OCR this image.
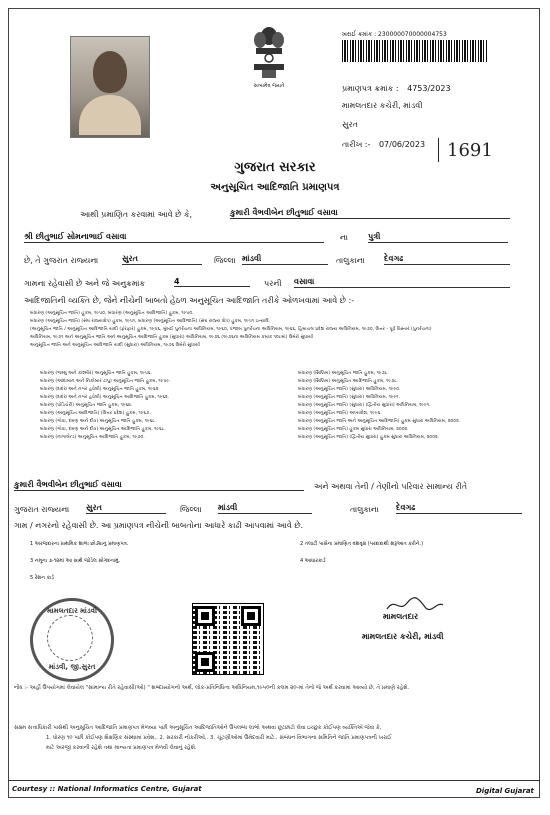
સત્યમેવ જયતે
ખરાઈ ક્રમાંક : 230000070000004753
પ્રમાણપત્ર ક્રમાંક : 4753/2023
મામલતદાર કચેરી, માંડવી
સુરત
તારીખ :- 07/06/2023 1691
ગુજરાત સરકાર
અનુસૂચિત આદિજાતિ પ્રમાણપત્ર
આથી પ્રમાણિત કરવામાં આવે છે કે,	કુમારી વૈભવીબેન છીતુભાઈ વસાવા
શ્રી છીતુભાઈ સોમનાભાઈ વસાવા	ના	પુત્રી
છે, તે ગુજરાત રાજ્યના	સુરત	જિલ્લા માંડવી	તાલુકાના દેવગઢ
ગામના રહેવાસી છે અને જે અનુક્રમાંક	4	પરની વસાવા
આદિજાતિની વ્યક્તિ છે, જેને નીચેની બાબતો હેઠળ અનુસૂચિત આદિજાતિ તરીકે ઓળખવામાં આવે છે :-
બંધારણ (અનુસૂચિત જાતિ) હુકમ, ૧૯૫૦, બંધારણ (અનુસૂચિત આદિજાતિ) હુકમ, ૧૯૫૦.
બંધારણ (અનુસૂચિત જાતિ) (સંઘ રાજ્યક્ષેત્ર) હુકમ, ૧૯૫૧, બંધારણ (અનુસૂચિત આદિજાતિ) (સંઘ રાજ્ય ક્ષેત્ર) હુકમ, ૧૯૫૧ ઇત્યાદિ.
(અનુસૂચિત જાતિ / અનુસૂચિત આદિજાતિ યાદી (ફેરફાર) હુકમ, ૧૯૫૬, મુંબઈ પુનર્રચના અધિનિયમ, ૧૯૬૦, પંજાબ પુનર્રચના અધિનિયમ, ૧૯૬૬, હિમાચલ પ્રદેશ રાજ્ય અધિનિયમ, ૧૯૭૦, ઉત્તર - પૂર્વ વિસ્તાર (પુનર્રચના)
અધિનિયમ, ૧૯૭૧ અને અનુસૂચિત જાતિ અને અનુસૂચિત આદિજાતિ હુકમ (સુધારા) અધિનિયમ, ૧૯૭૬ (૧૯૭૬ના અધિનિયમ ક્રમાંક ૧૦૮માં) ઉમેરો સુધાર્યા
અનુસૂચિત જાતિ અને અનુસૂચિત આદિજાતિ યાદી (સુધારા) અધિનિયમ, ૧૯૭૬ ઉમેરો સુધાર્યા
બંધારણ (જમ્મુ અને કાશ્મીર) અનુસૂચિત જાતિ હુકમ, ૧૯૫૬.
બંધારણ (આંદામાન અને નિકોબાર ટાપુ) અનુસૂચિત જાતિ હુકમ, ૧૯૫૯.
બંધારણ (દાદરા અને નગર હવેલી) અનુસૂચિત જાતિ હુકમ, ૧૯૬૨.
બંધારણ (દાદરા અને નગર હવેલી) અનુસૂચિત આદિજાતિ હુકમ, ૧૯૬૨.
બંધારણ (પોંડિચેરી) અનુસૂચિત જાતિ હુકમ, ૧૯૬૪.
બંધારણ (અનુસૂચિત આદિજાતિ) (ઉત્તર પ્રદેશ) હુકમ, ૧૯૬૭.
બંધારણ (ગોવા, દમણ અને દીવ) અનુસૂચિત જાતિ હુકમ, ૧૯૬૮.
બંધારણ (ગોવા, દમણ અને દીવ) અનુસૂચિત આદિજાતિ હુકમ, ૧૯૬૮.
બંધારણ (નાગાલેન્ડ) અનુસૂચિત આદિજાતિ હુકમ, ૧૯૭૦.
બંધારણ (સિક્કિમ) અનુસૂચિત જાતિ હુકમ, ૧૯૭૮.
બંધારણ (સિક્કિમ) અનુસૂચિત આદિજાતિ હુકમ, ૧૯૭૮.
બંધારણ (અનુસૂચિત જાતિ) (સુધારા) અધિનિયમ, ૧૯૯૦.
બંધારણ (અનુસૂચિત જાતિ) (સુધારા) અધિનિયમ, ૧૯૯૧.
બંધારણ (અનુસૂચિત જાતિ) (સુધારા) (દ્વિતીય સુધારા) અધિનિયમ, ૧૯૯૧.
બંધારણ (અનુસૂચિત જાતિ) અધ્યાદેશ, ૧૯૯૬.
બંધારણ (અનુસૂચિત જાતિ અને અનુસૂચિત આદિજાતિ) હુકમ સુધારા અધિનિયમ, ૨૦૦૨.
બંધારણ (અનુસૂચિત જાતિ) હુકમ સુધારા અધિનિયમ, ૨૦૦૨.
બંધારણ (અનુસૂચિત જાતિ) (દ્વિતીય સુધારા) હુકમ સુધારા અધિનિયમ, ૨૦૦૨.
કુમારી વૈભવીબેન છીતુભાઈ વસાવા	અને અથવા તેની / તેણીનો પરિવાર સામાન્ય રીતે
ગુજરાત રાજ્યના સુરત	જિલ્લા માંડવી	તાલુકાના દેવગઢ
ગામ / નગરનો રહેવાસી છે. આ પ્રમાણપત્ર નીચેની બાબતોના આધારે કાઢી આપવામાં આવે છે.
1 અરજદારના પ્રાથમિક શાળા છોડ્યાનું પ્રમાણપત્ર.	2 તલાટી પાસેના પ્રમાણિત વંશવૃક્ષ (પરદાદાથી શરૂઆત કરીને.)
3 નમૂના ૭-૧૨માં આ સાથે જોડેલ સોગંદનામું.	4 આધારકાર્ડ
5 રેશન કાર્ડ
મામલતદાર માંડવી
માંડવી, જી.સુરત
મામલતદાર
મામલતદાર કચેરી, માંડવી
નોંધ :- અહીં ઉપયોગમાં લેવાયેલ "સામાન્ય રીતે રહેવાસી(ઓ) " શબ્દપ્રયોગનો અર્થ, લોક-પ્રતિનિધિત્વ અધિનિયમ,૧૯૫૦ની કલમ ૨૦-માં તેનો જે અર્થ કરવામાં આવ્યો છે, તે પ્રમાણે રહેશે.
સક્ષમ સત્તાધિકારી પાસેથી અનુસૂચિત આદિજાતિ પ્રમાણપત્ર મેળવ્યા પછી અનુસૂચિત આદિજાતિઓને ઉપલબ્ધ લાભો અથવા છૂટછાટો લેવા ઇચ્છુક કોઈપણ વ્યક્તિએ જેવા કે,
1. ધોરણ ૧૦ પછી કોઈપણ શૈક્ષણિક સંસ્થામાં પ્રવેશ,. 2. સરકારી નોકરીઓ,. 3. ચૂંટણીઓમાં ઉમેદવારી માટે.. સંબંધન વિભાગના સમિતિને જાતિ પ્રમાણપત્રની ખરાઈ
માટે અરજી કરવાની રહેશે તથા માન્યતા પ્રમાણપત્ર મેળવી લેવાનું રહેશે.
Courtesy :: National Informatics Centre, Gujarat	Digital Gujarat
